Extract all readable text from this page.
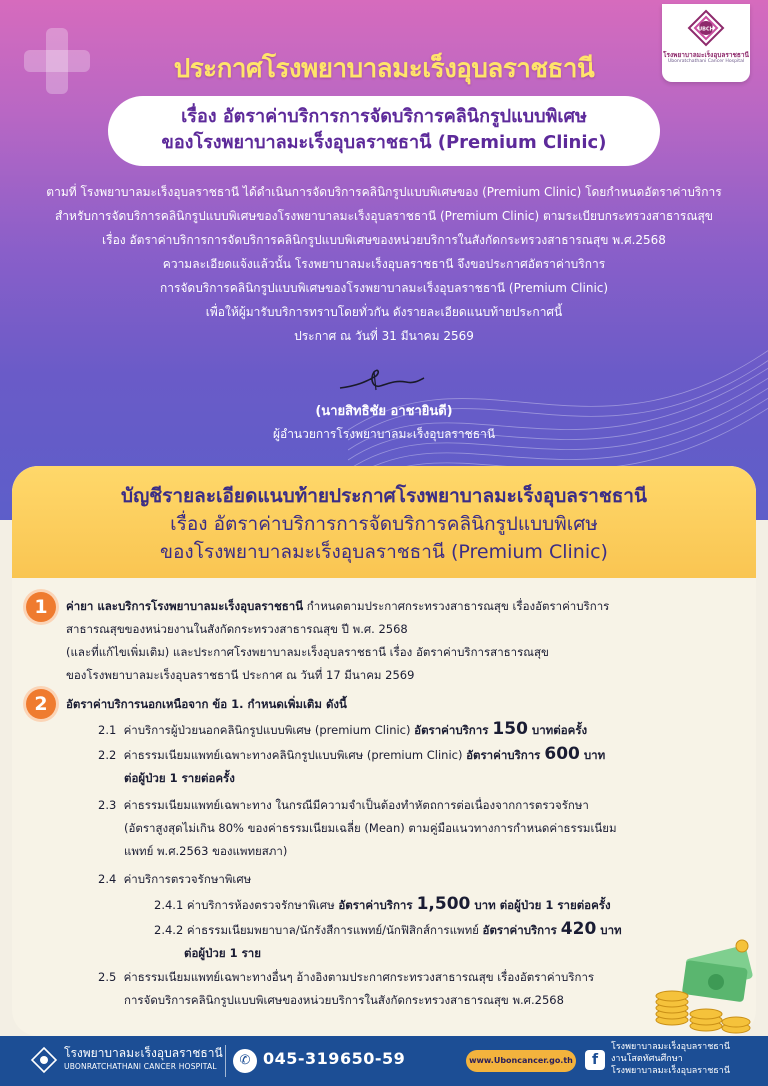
UBCH
โรงพยาบาลมะเร็งอุบลราชธานี
Ubonratchathani Cancer Hospital
ประกาศโรงพยาบาลมะเร็งอุบลราชธานี
เรื่อง อัตราค่าบริการการจัดบริการคลินิกรูปแบบพิเศษ
ของโรงพยาบาลมะเร็งอุบลราชธานี (Premium Clinic)
ตามที่ โรงพยาบาลมะเร็งอุบลราชธานี ได้ดำเนินการจัดบริการคลินิกรูปแบบพิเศษของ (Premium Clinic) โดยกำหนดอัตราค่าบริการ
สำหรับการจัดบริการคลินิกรูปแบบพิเศษของโรงพยาบาลมะเร็งอุบลราชธานี (Premium Clinic) ตามระเบียบกระทรวงสาธารณสุข
เรื่อง อัตราค่าบริการการจัดบริการคลินิกรูปแบบพิเศษของหน่วยบริการในสังกัดกระทรวงสาธารณสุข พ.ศ.2568
ความละเอียดแจ้งแล้วนั้น โรงพยาบาลมะเร็งอุบลราชธานี จึงขอประกาศอัตราค่าบริการ
การจัดบริการคลินิกรูปแบบพิเศษของโรงพยาบาลมะเร็งอุบลราชธานี (Premium Clinic)
เพื่อให้ผู้มารับบริการทราบโดยทั่วกัน ดังรายละเอียดแนบท้ายประกาศนี้
ประกาศ ณ วันที่ 31 มีนาคม 2569
(นายสิทธิชัย อาชายินดี)
ผู้อำนวยการโรงพยาบาลมะเร็งอุบลราชธานี
บัญชีรายละเอียดแนบท้ายประกาศโรงพยาบาลมะเร็งอุบลราชธานี
เรื่อง อัตราค่าบริการการจัดบริการคลินิกรูปแบบพิเศษ
ของโรงพยาบาลมะเร็งอุบลราชธานี (Premium Clinic)
1	ค่ายา และบริการโรงพยาบาลมะเร็งอุบลราชธานี กำหนดตามประกาศกระทรวงสาธารณสุข เรื่องอัตราค่าบริการ
สาธารณสุขของหน่วยงานในสังกัดกระทรวงสาธารณสุข ปี พ.ศ. 2568
(และที่แก้ไขเพิ่มเติม) และประกาศโรงพยาบาลมะเร็งอุบลราชธานี เรื่อง อัตราค่าบริการสาธารณสุข
ของโรงพยาบาลมะเร็งอุบลราชธานี ประกาศ ณ วันที่ 17 มีนาคม 2569
2	อัตราค่าบริการนอกเหนือจาก ข้อ 1. กำหนดเพิ่มเติม ดังนี้
2.1 ค่าบริการผู้ป่วยนอกคลินิกรูปแบบพิเศษ (premium Clinic) อัตราค่าบริการ 150 บาทต่อครั้ง
2.2 ค่าธรรมเนียมแพทย์เฉพาะทางคลินิกรูปแบบพิเศษ (premium Clinic) อัตราค่าบริการ 600 บาท
ต่อผู้ป่วย 1 รายต่อครั้ง
2.3 ค่าธรรมเนียมแพทย์เฉพาะทาง ในกรณีมีความจำเป็นต้องทำหัตถการต่อเนื่องจากการตรวจรักษา
(อัตราสูงสุดไม่เกิน 80% ของค่าธรรมเนียมเฉลี่ย (Mean) ตามคู่มือแนวทางการกำหนดค่าธรรมเนียม
แพทย์ พ.ศ.2563 ของแพทยสภา)
2.4 ค่าบริการตรวจรักษาพิเศษ
2.4.1 ค่าบริการห้องตรวจรักษาพิเศษ อัตราค่าบริการ 1,500 บาท ต่อผู้ป่วย 1 รายต่อครั้ง
2.4.2 ค่าธรรมเนียมพยาบาล/นักรังสีการแพทย์/นักฟิสิกส์การแพทย์ อัตราค่าบริการ 420 บาท
ต่อผู้ป่วย 1 ราย
2.5 ค่าธรรมเนียมแพทย์เฉพาะทางอื่นๆ อ้างอิงตามประกาศกระทรวงสาธารณสุข เรื่องอัตราค่าบริการ
การจัดบริการคลินิกรูปแบบพิเศษของหน่วยบริการในสังกัดกระทรวงสาธารณสุข พ.ศ.2568
โรงพยาบาลมะเร็งอุบลราชธานี
UBONRATCHATHANI CANCER HOSPITAL	✆ 045-319650-59	www.Uboncancer.go.th	f
โรงพยาบาลมะเร็งอุบลราชธานี
งานโสตทัศนศึกษา
โรงพยาบาลมะเร็งอุบลราชธานี
